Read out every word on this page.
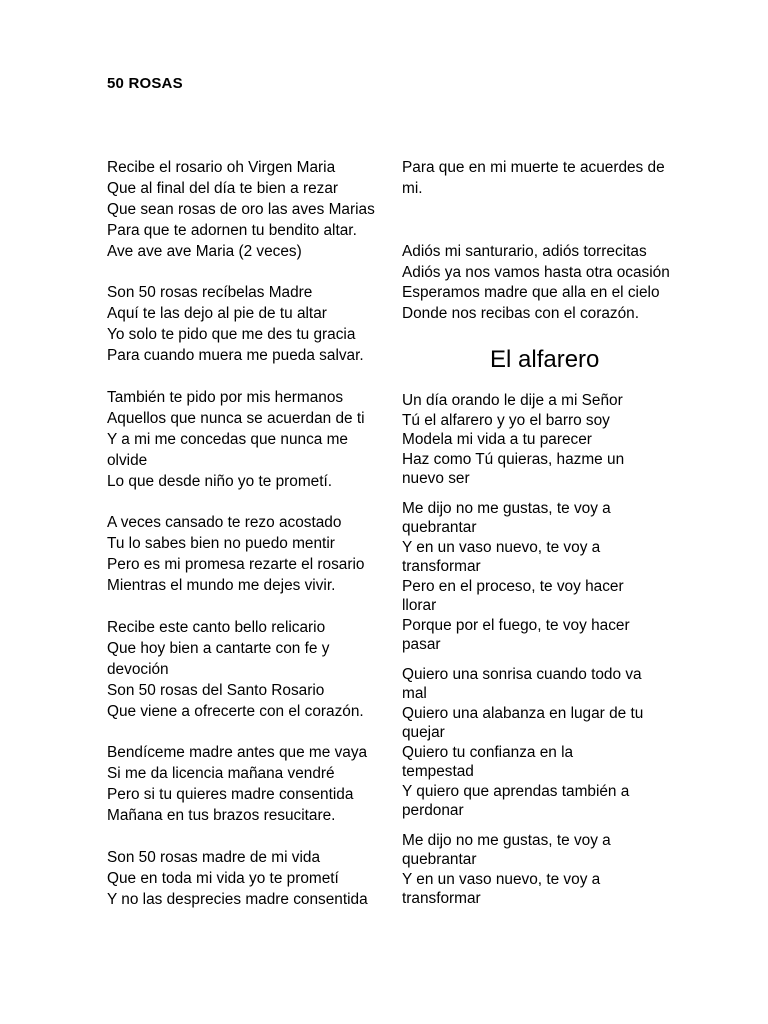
50 ROSAS
Recibe el rosario oh Virgen Maria
Que al final del día te bien a rezar
Que sean rosas de oro las aves Marias
Para que te adornen tu bendito altar.
Ave ave ave Maria (2 veces)
Son 50 rosas recíbelas Madre
Aquí te las dejo al pie de tu altar
Yo solo te pido que me des tu gracia
Para cuando muera me pueda salvar.
También te pido por mis hermanos
Aquellos que nunca se acuerdan de ti
Y a mi me concedas que nunca me
olvide
Lo que desde niño yo te prometí.
A veces cansado te rezo acostado
Tu lo sabes bien no puedo mentir
Pero es mi promesa rezarte el rosario
Mientras el mundo me dejes vivir.
Recibe este canto bello relicario
Que hoy bien a cantarte con fe y
devoción
Son 50 rosas del Santo Rosario
Que viene a ofrecerte con el corazón.
Bendíceme madre antes que me vaya
Si me da licencia mañana vendré
Pero si tu quieres madre consentida
Mañana en tus brazos resucitare.
Son 50 rosas madre de mi vida
Que en toda mi vida yo te prometí
Y no las desprecies madre consentida
Para que en mi muerte te acuerdes de
mi.
Adiós mi santurario, adiós torrecitas
Adiós ya nos vamos hasta otra ocasión
Esperamos madre que alla en el cielo
Donde nos recibas con el corazón.
El alfarero
Un día orando le dije a mi Señor
Tú el alfarero y yo el barro soy
Modela mi vida a tu parecer
Haz como Tú quieras, hazme un
nuevo ser
Me dijo no me gustas, te voy a
quebrantar
Y en un vaso nuevo, te voy a
transformar
Pero en el proceso, te voy hacer
llorar
Porque por el fuego, te voy hacer
pasar
Quiero una sonrisa cuando todo va
mal
Quiero una alabanza en lugar de tu
quejar
Quiero tu confianza en la
tempestad
Y quiero que aprendas también a
perdonar
Me dijo no me gustas, te voy a
quebrantar
Y en un vaso nuevo, te voy a
transformar
